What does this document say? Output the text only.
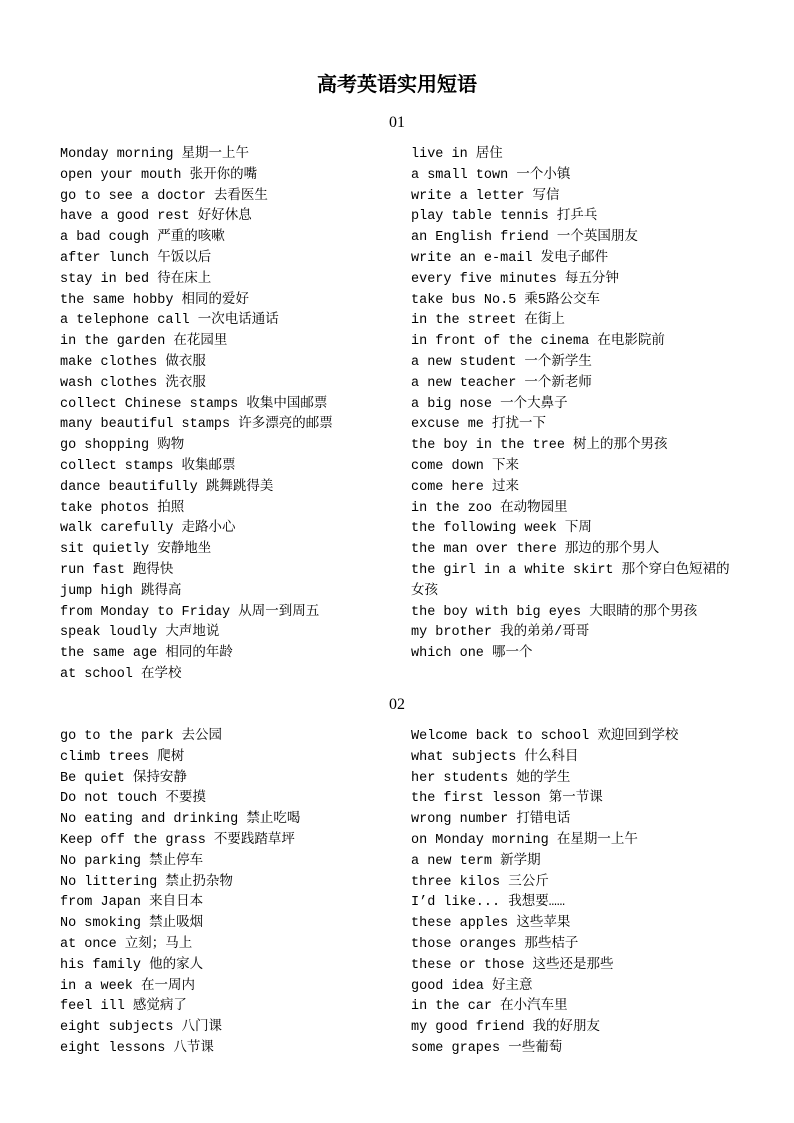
高考英语实用短语
01
Monday morning 星期一上午
open your mouth 张开你的嘴
go to see a doctor 去看医生
have a good rest 好好休息
a bad cough 严重的咳嗽
after lunch 午饭以后
stay in bed 待在床上
the same hobby 相同的爱好
a telephone call 一次电话通话
in the garden 在花园里
make clothes 做衣服
wash clothes 洗衣服
collect Chinese stamps 收集中国邮票
many beautiful stamps 许多漂亮的邮票
go shopping 购物
collect stamps 收集邮票
dance beautifully 跳舞跳得美
take photos 拍照
walk carefully 走路小心
sit quietly 安静地坐
run fast 跑得快
jump high 跳得高
from Monday to Friday 从周一到周五
speak loudly 大声地说
the same age 相同的年龄
at school 在学校
live in 居住
a small town 一个小镇
write a letter 写信
play table tennis 打乒乓
an English friend 一个英国朋友
write an e-mail 发电子邮件
every five minutes 每五分钟
take bus No.5 乘5路公交车
in the street 在街上
in front of the cinema 在电影院前
a new student 一个新学生
a new teacher 一个新老师
a big nose 一个大鼻子
excuse me 打扰一下
the boy in the tree 树上的那个男孩
come down 下来
come here 过来
in the zoo 在动物园里
the following week 下周
the man over there 那边的那个男人
the girl in a white skirt 那个穿白色短裙的女孩
the boy with big eyes 大眼睛的那个男孩
my brother 我的弟弟/哥哥
which one 哪一个
02
go to the park 去公园
climb trees 爬树
Be quiet 保持安静
Do not touch 不要摸
No eating and drinking 禁止吃喝
Keep off the grass 不要践踏草坪
No parking 禁止停车
No littering 禁止扔杂物
from Japan 来自日本
No smoking 禁止吸烟
at once 立刻；马上
his family 他的家人
in a week 在一周内
feel ill 感觉病了
eight subjects 八门课
eight lessons 八节课
Welcome back to school 欢迎回到学校
what subjects 什么科目
her students 她的学生
the first lesson 第一节课
wrong number 打错电话
on Monday morning 在星期一上午
a new term 新学期
three kilos 三公斤
I’d like... 我想要……
these apples 这些苹果
those oranges 那些桔子
these or those 这些还是那些
good idea 好主意
in the car 在小汽车里
my good friend 我的好朋友
some grapes 一些葡萄
